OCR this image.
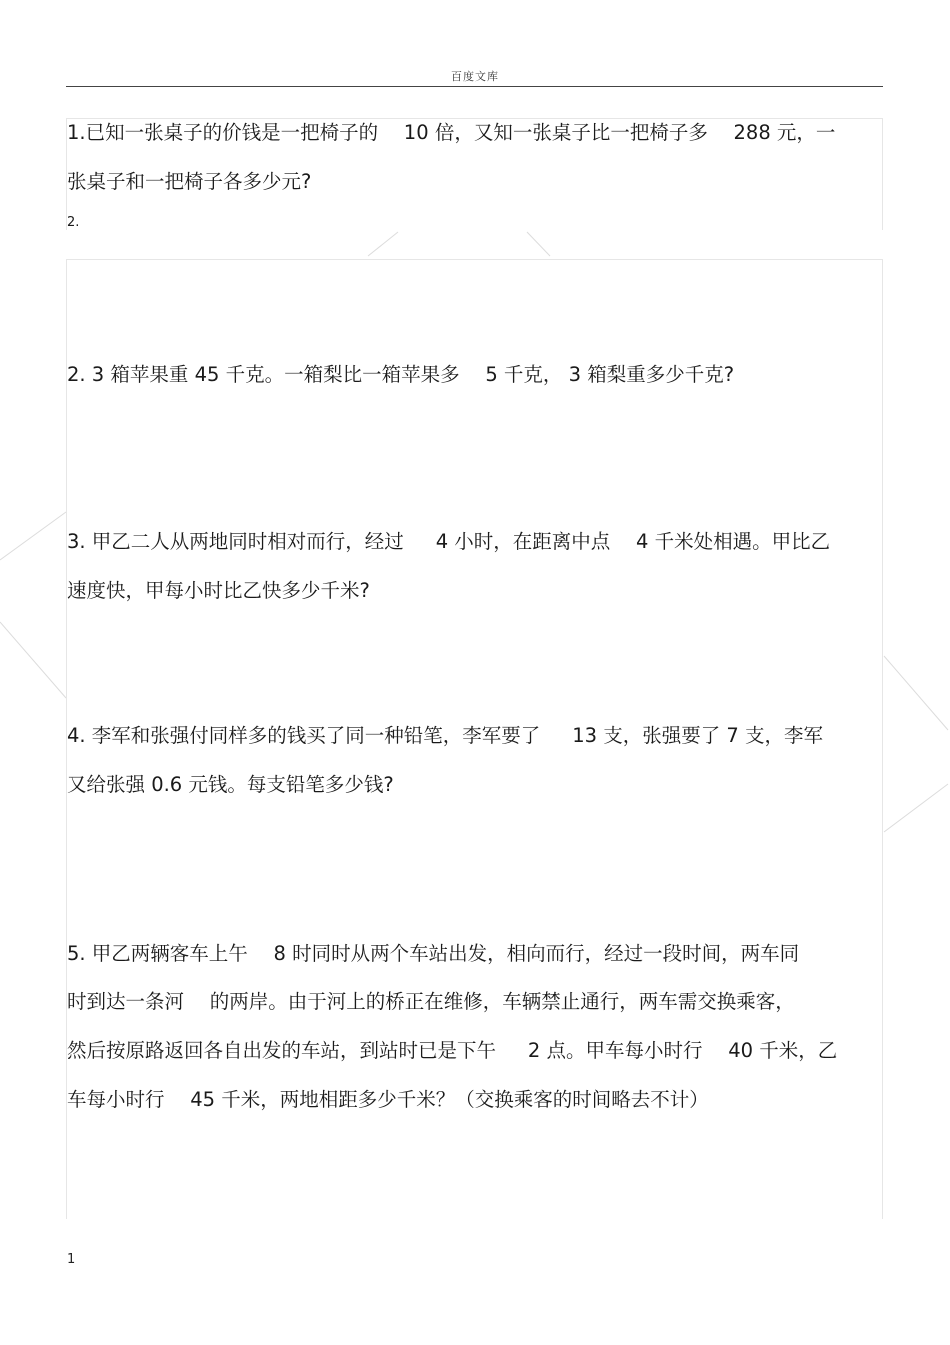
百度文库
1.已知一张桌子的价钱是一把椅子的 　10 倍，又知一张桌子比一把椅子多 　288 元，一
张桌子和一把椅子各多少元?
2.
2. 3 箱苹果重 45 千克。一箱梨比一箱苹果多 　5 千克， 3 箱梨重多少千克?
3. 甲乙二人从两地同时相对而行，经过 　 4 小时，在距离中点 　4 千米处相遇。甲比乙
速度快，甲每小时比乙快多少千米?
4. 李军和张强付同样多的钱买了同一种铅笔，李军要了 　 13 支，张强要了 7 支，李军
又给张强 0.6 元钱。每支铅笔多少钱?
5. 甲乙两辆客车上午 　8 时同时从两个车站出发，相向而行，经过一段时间，两车同
时到达一条河 　的两岸。由于河上的桥正在维修，车辆禁止通行，两车需交换乘客，
然后按原路返回各自出发的车站，到站时已是下午 　 2 点。甲车每小时行 　40 千米，乙
车每小时行 　45 千米，两地相距多少千米？（交换乘客的时间略去不计）
1
